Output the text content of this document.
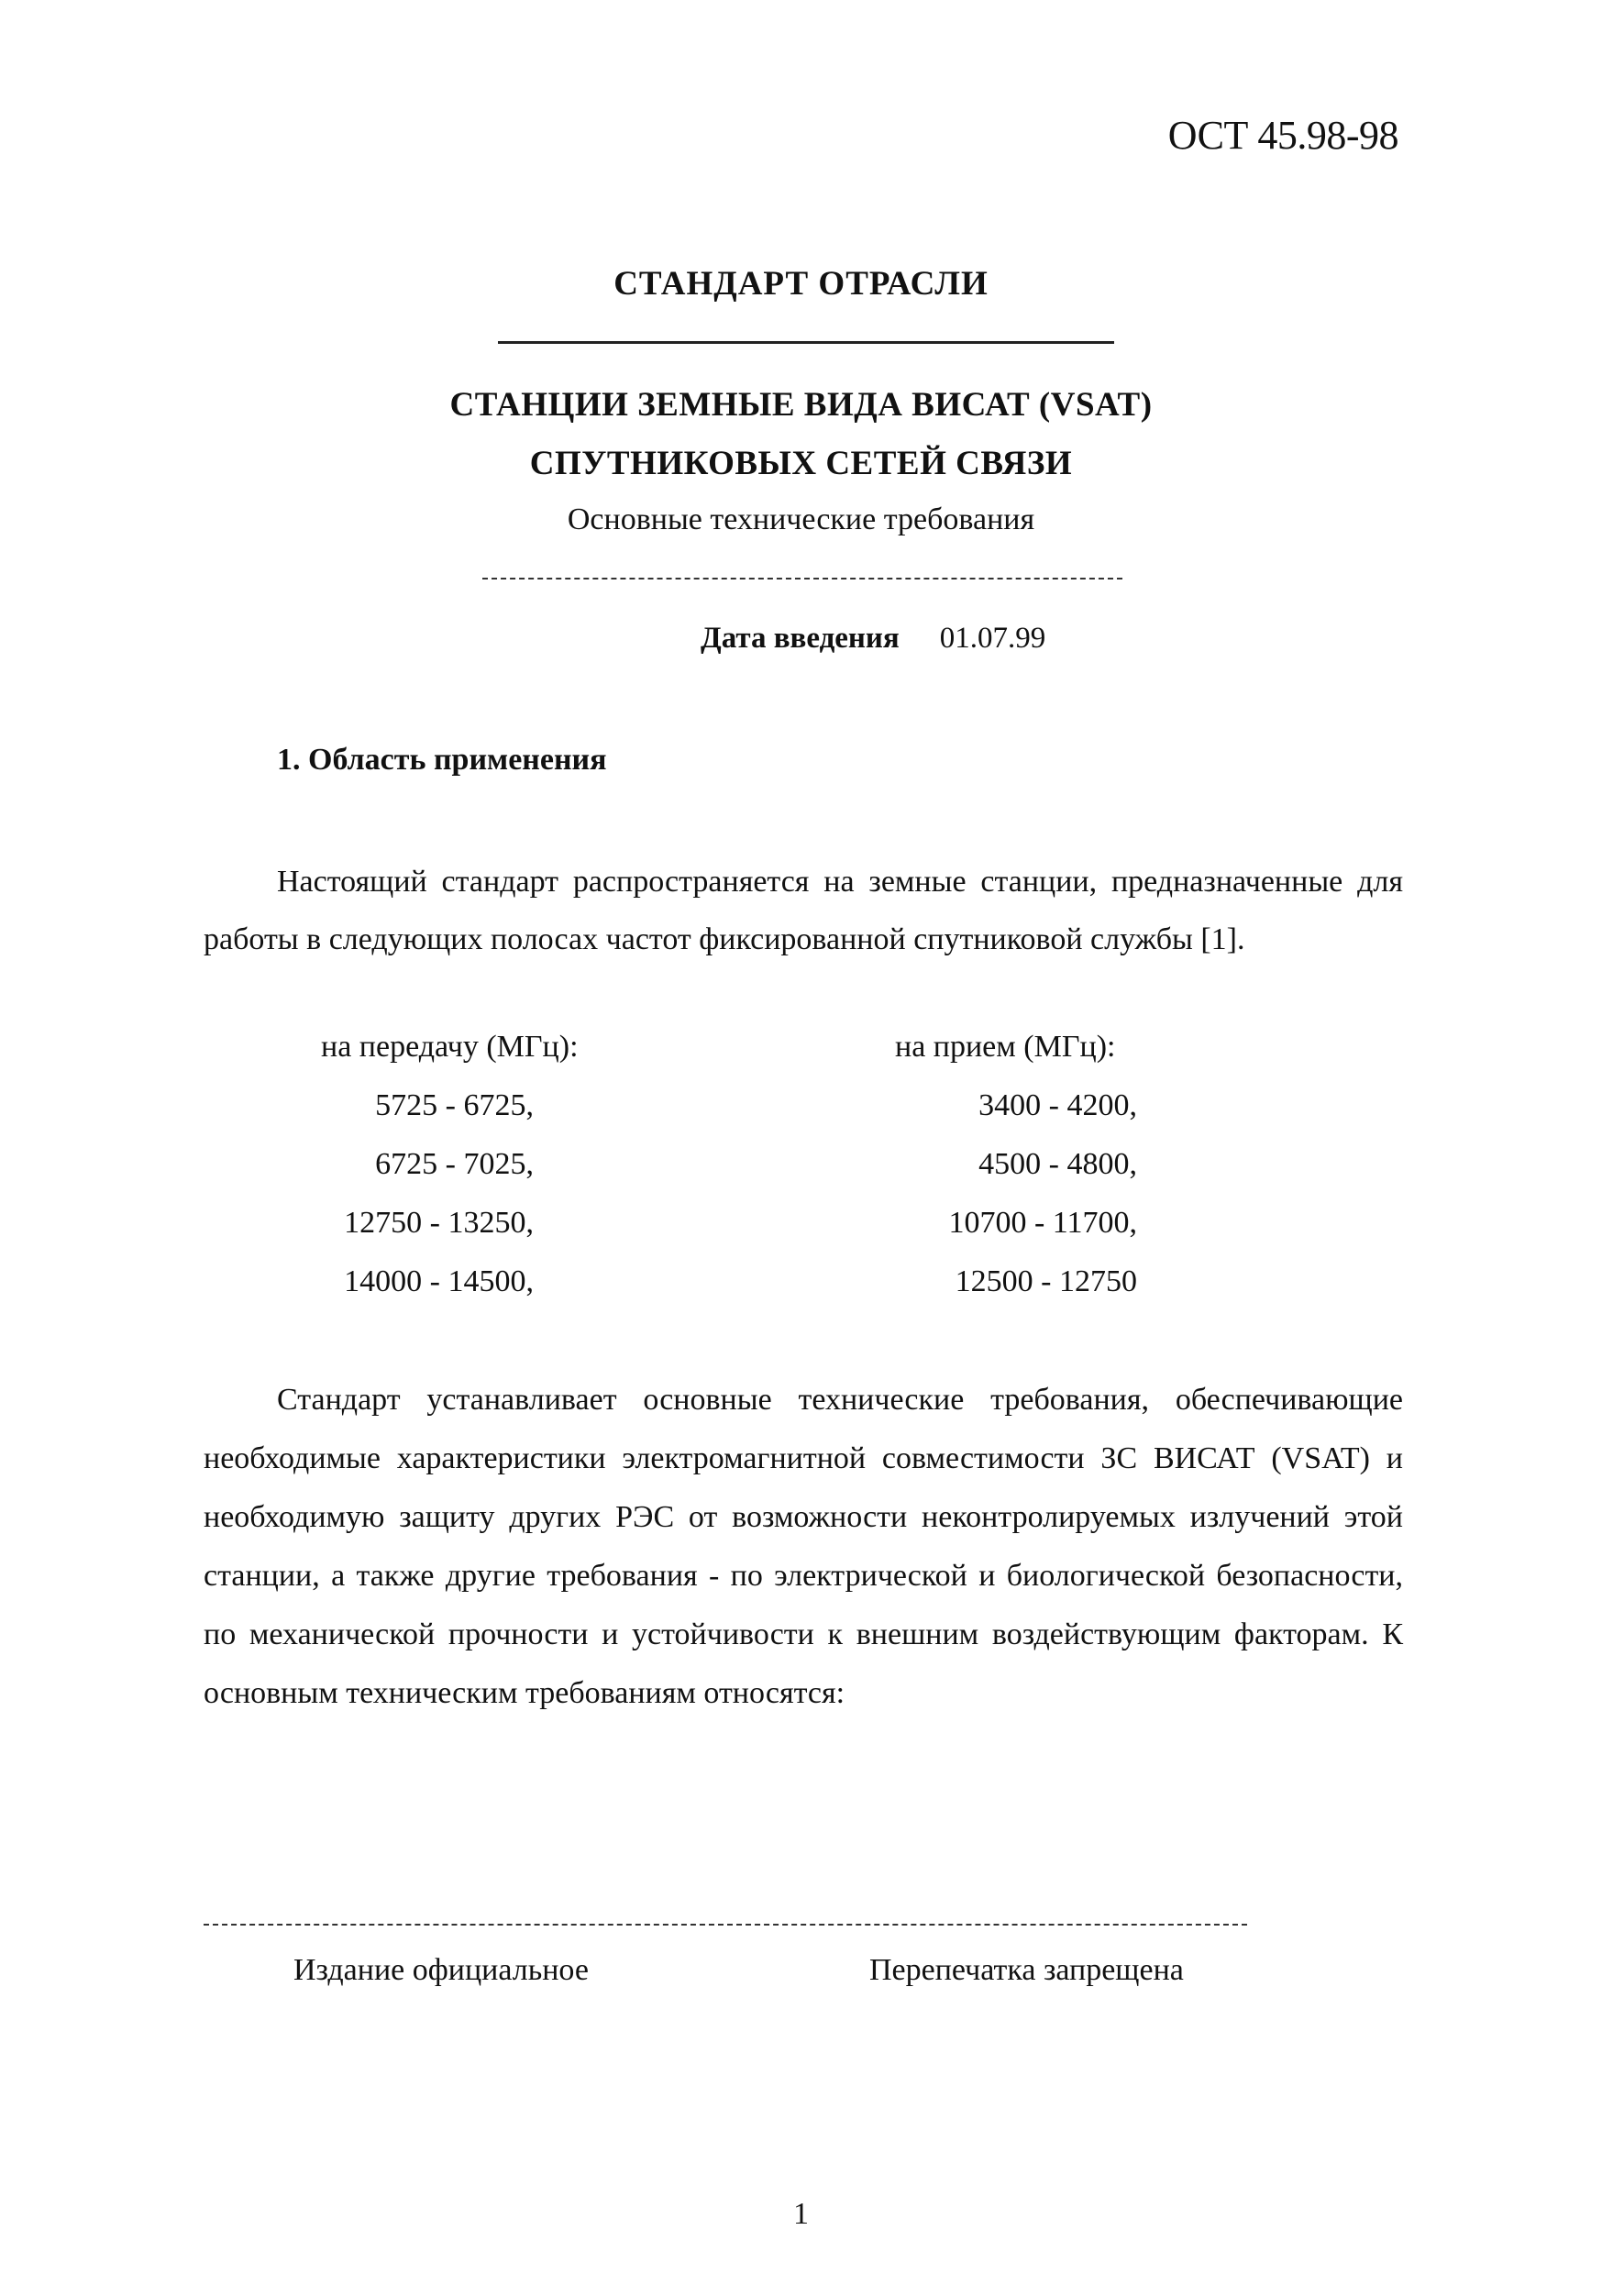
ОСТ 45.98-98
СТАНДАРТ ОТРАСЛИ
СТАНЦИИ ЗЕМНЫЕ ВИДА ВИСАТ (VSAT)
СПУТНИКОВЫХ СЕТЕЙ СВЯЗИ
Основные технические требования
Дата введения 01.07.99
1. Область применения
Настоящий стандарт распространяется на земные станции, предназначенные для работы в следующих полосах частот фиксированной спутниковой службы [1].
на передачу (МГц):
5725 - 6725,
6725 - 7025,
12750 - 13250,
14000 - 14500,
на прием (МГц):
3400 - 4200,
4500 - 4800,
10700 - 11700,
12500 - 12750
Стандарт устанавливает основные технические требования, обеспечивающие необходимые характеристики электромагнитной совместимости ЗС ВИСАТ (VSAT) и необходимую защиту других РЭС от возможности неконтролируемых излучений этой станции, а также другие требования - по электрической и биологической безопасности, по механической прочности и устойчивости к внешним воздействующим факторам. К основным техническим требованиям относятся:
Издание официальное	Перепечатка запрещена
1
